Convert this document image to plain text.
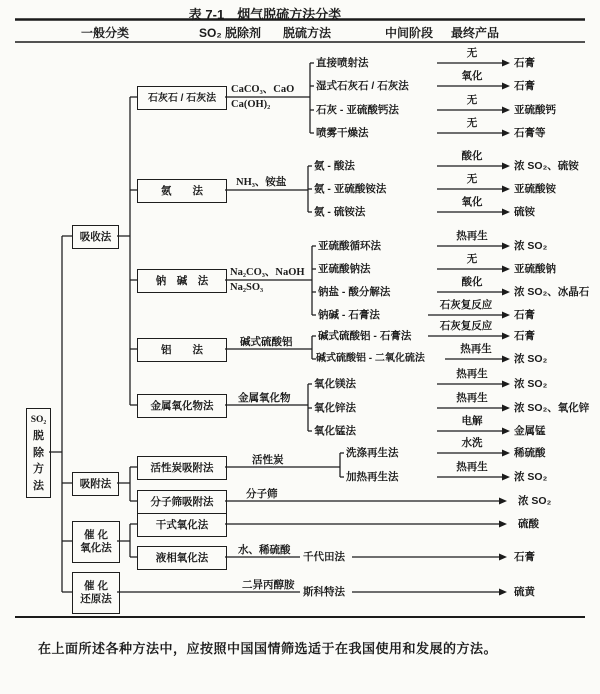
表 7-1　烟气脱硫方法分类
一般分类	SO₂ 脱除剂 脱硫方法	中间阶段 最终产品
SO₂
脱
除
方
法
吸收法
吸附法
催 化
氧化法
催 化
还原法
石灰石 / 石灰法
氨　　法
钠　碱　法
铝　　法
金属氧化物法
活性炭吸附法
分子筛吸附法
干式氧化法
液相氧化法
CaCO₃、CaO
Ca(OH)₂
NH₃、铵盐
Na₂CO₃、NaOH
Na₂SO₃
碱式硫酸铝
金属氧化物
活性炭
分子筛
水、稀硫酸
二异丙醇胺
千代田法
斯科特法
直接喷射法
无
石膏
湿式石灰石 / 石灰法
氧化
石膏
石灰 - 亚硫酸钙法
无
亚硫酸钙
喷雾干燥法
无
石膏等
氨 - 酸法
酸化
浓 SO₂、硫铵
氨 - 亚硫酸铵法
无
亚硫酸铵
氨 - 硫铵法
氧化
硫铵
亚硫酸循环法
热再生
浓 SO₂
亚硫酸钠法
无
亚硫酸钠
钠盐 - 酸分解法
酸化
浓 SO₂、冰晶石
钠碱 - 石膏法
石灰复反应
石膏
碱式硫酸铝 - 石膏法
石灰复反应
石膏
碱式硫酸铝 - 二氧化硫法
热再生
浓 SO₂
氧化镁法
热再生
浓 SO₂
氧化锌法
热再生
浓 SO₂、氧化锌
氧化锰法
电解
金属锰
洗涤再生法
水洗
稀硫酸
加热再生法
热再生
浓 SO₂
浓 SO₂
硫酸
石膏
硫黄
在上面所述各种方法中，应按照中国国情筛选适于在我国使用和发展的方法。
